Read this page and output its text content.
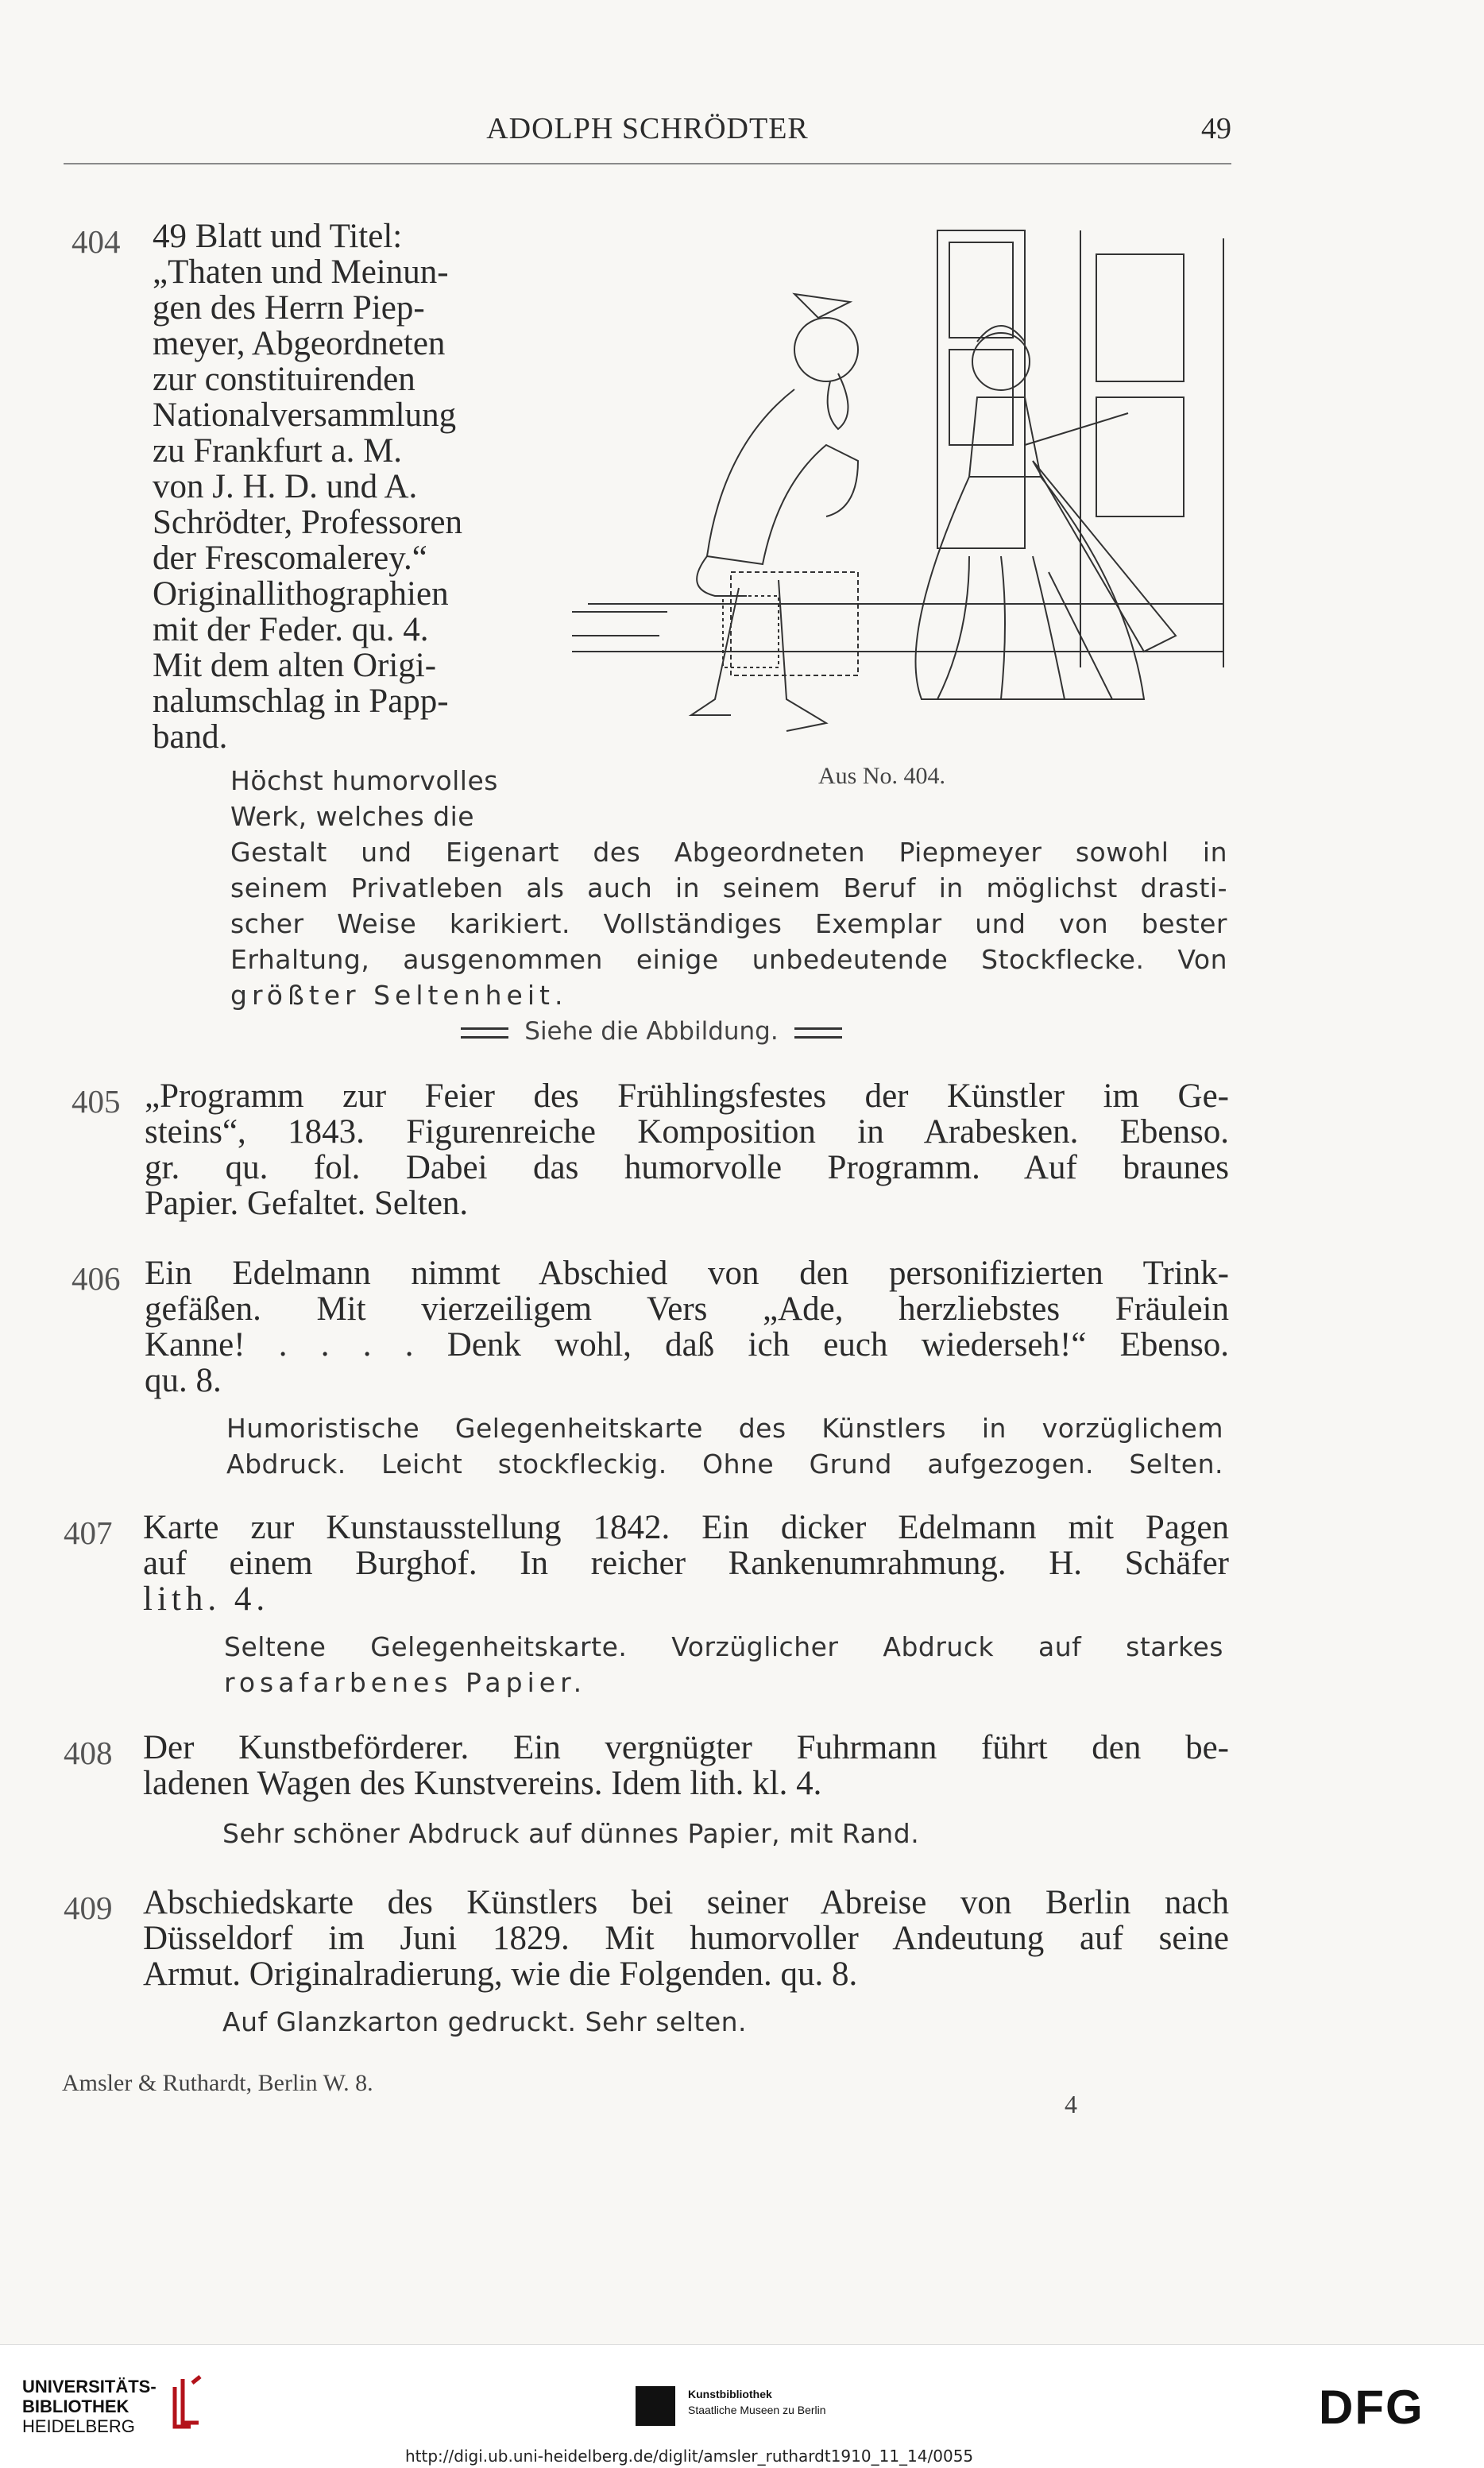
ADOLPH SCHRÖDTER	49
404 49 Blatt und Titel:
„Thaten und Meinun-
gen des Herrn Piep-
meyer, Abgeordneten
zur constituirenden
Nationalversammlung
zu Frankfurt a. M.
von J. H. D. und A.
Schrödter, Professoren
der Frescomalerey.“
Originallithographien
mit der Feder. qu. 4.
Mit dem alten Origi-
nalumschlag in Papp-
band.
Aus No. 404.
Höchst humorvolles
Werk, welches die
Gestalt und Eigenart des Abgeordneten Piepmeyer sowohl in
seinem Privatleben als auch in seinem Beruf in möglichst drasti-
scher Weise karikiert. Vollständiges Exemplar und von bester
Erhaltung, ausgenommen einige unbedeutende Stockflecke. Von
größter Seltenheit.
Siehe die Abbildung.
405 „Programm zur Feier des Frühlingsfestes der Künstler im Ge-
steins“, 1843. Figurenreiche Komposition in Arabesken. Ebenso.
gr. qu. fol. Dabei das humorvolle Programm. Auf braunes
Papier. Gefaltet. Selten.
406 Ein Edelmann nimmt Abschied von den personifizierten Trink-
gefäßen. Mit vierzeiligem Vers „Ade, herzliebstes Fräulein
Kanne! . . . . Denk wohl, daß ich euch wiederseh!“ Ebenso.
qu. 8.
Humoristische Gelegenheitskarte des Künstlers in vorzüglichem
Abdruck. Leicht stockfleckig. Ohne Grund aufgezogen. Selten.
407 Karte zur Kunstausstellung 1842. Ein dicker Edelmann mit Pagen
auf einem Burghof. In reicher Rankenumrahmung. H. Schäfer
lith. 4.
Seltene Gelegenheitskarte. Vorzüglicher Abdruck auf starkes
rosafarbenes Papier.
408 Der Kunstbeförderer. Ein vergnügter Fuhrmann führt den be-
ladenen Wagen des Kunstvereins. Idem lith. kl. 4.
Sehr schöner Abdruck auf dünnes Papier, mit Rand.
409 Abschiedskarte des Künstlers bei seiner Abreise von Berlin nach
Düsseldorf im Juni 1829. Mit humorvoller Andeutung auf seine
Armut. Originalradierung, wie die Folgenden. qu. 8.
Auf Glanzkarton gedruckt. Sehr selten.
Amsler & Ruthardt, Berlin W. 8.
4
UNIVERSITÄTS-
BIBLIOTHEK
HEIDELBERG
Kunstbibliothek
Staatliche Museen zu Berlin	DFG
http://digi.ub.uni-heidelberg.de/diglit/amsler_ruthardt1910_11_14/0055
